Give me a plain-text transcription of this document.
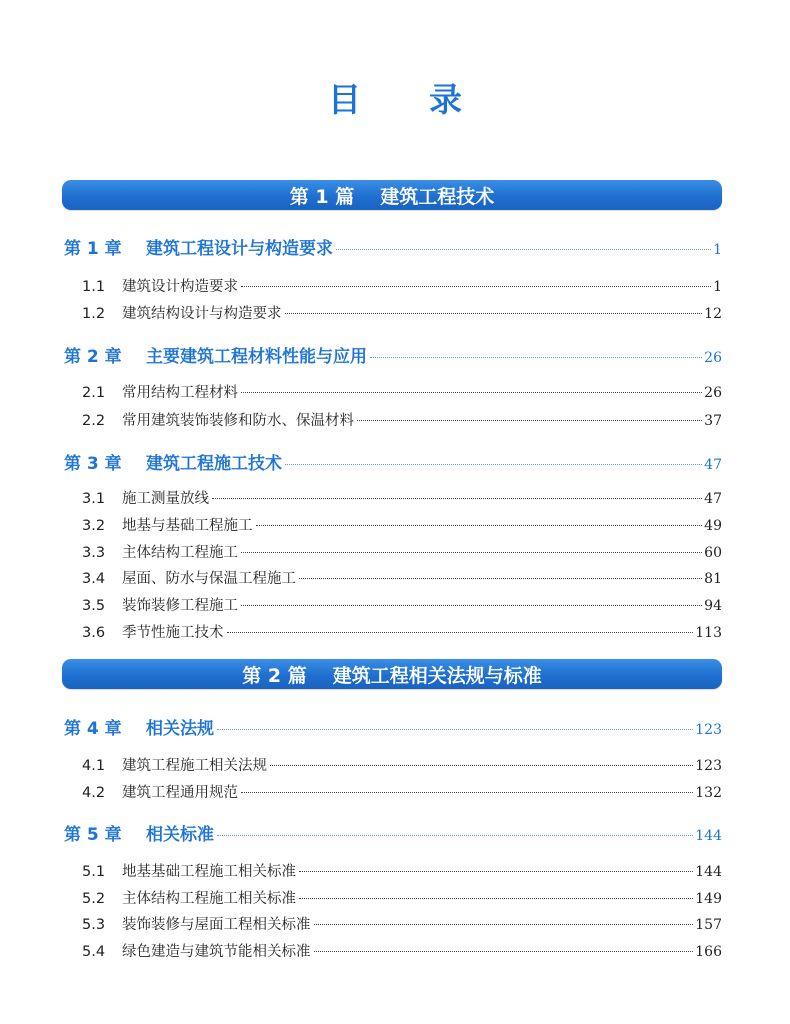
目 录
第 1 篇 建筑工程技术
第 1 章	建筑工程设计与构造要求	1
1.1	建筑设计构造要求	1
1.2	建筑结构设计与构造要求	12
第 2 章	主要建筑工程材料性能与应用	26
2.1	常用结构工程材料	26
2.2	常用建筑装饰装修和防水、保温材料	37
第 3 章	建筑工程施工技术	47
3.1	施工测量放线	47
3.2	地基与基础工程施工	49
3.3	主体结构工程施工	60
3.4	屋面、防水与保温工程施工	81
3.5	装饰装修工程施工	94
3.6	季节性施工技术	113
第 2 篇 建筑工程相关法规与标准
第 4 章	相关法规	123
4.1	建筑工程施工相关法规	123
4.2	建筑工程通用规范	132
第 5 章	相关标准	144
5.1	地基基础工程施工相关标准	144
5.2	主体结构工程施工相关标准	149
5.3	装饰装修与屋面工程相关标准	157
5.4	绿色建造与建筑节能相关标准	166
